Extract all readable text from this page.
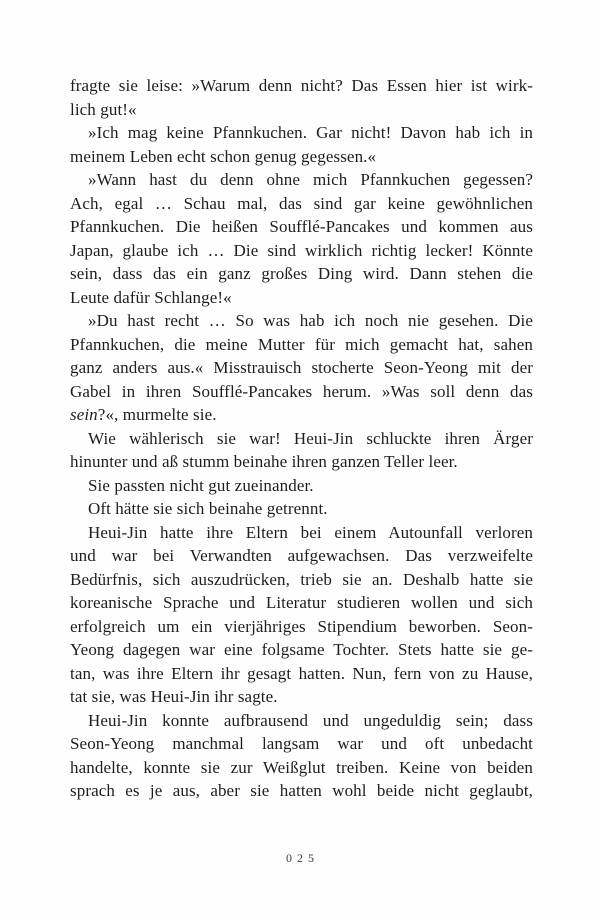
fragte sie leise: »Warum denn nicht? Das Essen hier ist wirk-
lich gut!«
»Ich mag keine Pfannkuchen. Gar nicht! Davon hab ich in
meinem Leben echt schon genug gegessen.«
»Wann hast du denn ohne mich Pfannkuchen gegessen?
Ach, egal … Schau mal, das sind gar keine gewöhnlichen
Pfannkuchen. Die heißen Soufflé-Pancakes und kommen aus
Japan, glaube ich … Die sind wirklich richtig lecker! Könnte
sein, dass das ein ganz großes Ding wird. Dann stehen die
Leute dafür Schlange!«
»Du hast recht … So was hab ich noch nie gesehen. Die
Pfannkuchen, die meine Mutter für mich gemacht hat, sahen
ganz anders aus.« Misstrauisch stocherte Seon-Yeong mit der
Gabel in ihren Soufflé-Pancakes herum. »Was soll denn das
sein?«, murmelte sie.
Wie wählerisch sie war! Heui-Jin schluckte ihren Ärger
hinunter und aß stumm beinahe ihren ganzen Teller leer.
Sie passten nicht gut zueinander.
Oft hätte sie sich beinahe getrennt.
Heui-Jin hatte ihre Eltern bei einem Autounfall verloren
und war bei Verwandten aufgewachsen. Das verzweifelte
Bedürfnis, sich auszudrücken, trieb sie an. Deshalb hatte sie
koreanische Sprache und Literatur studieren wollen und sich
erfolgreich um ein vierjähriges Stipendium beworben. Seon-
Yeong dagegen war eine folgsame Tochter. Stets hatte sie ge-
tan, was ihre Eltern ihr gesagt hatten. Nun, fern von zu Hause,
tat sie, was Heui-Jin ihr sagte.
Heui-Jin konnte aufbrausend und ungeduldig sein; dass
Seon-Yeong manchmal langsam war und oft unbedacht
handelte, konnte sie zur Weißglut treiben. Keine von beiden
sprach es je aus, aber sie hatten wohl beide nicht geglaubt,
025
